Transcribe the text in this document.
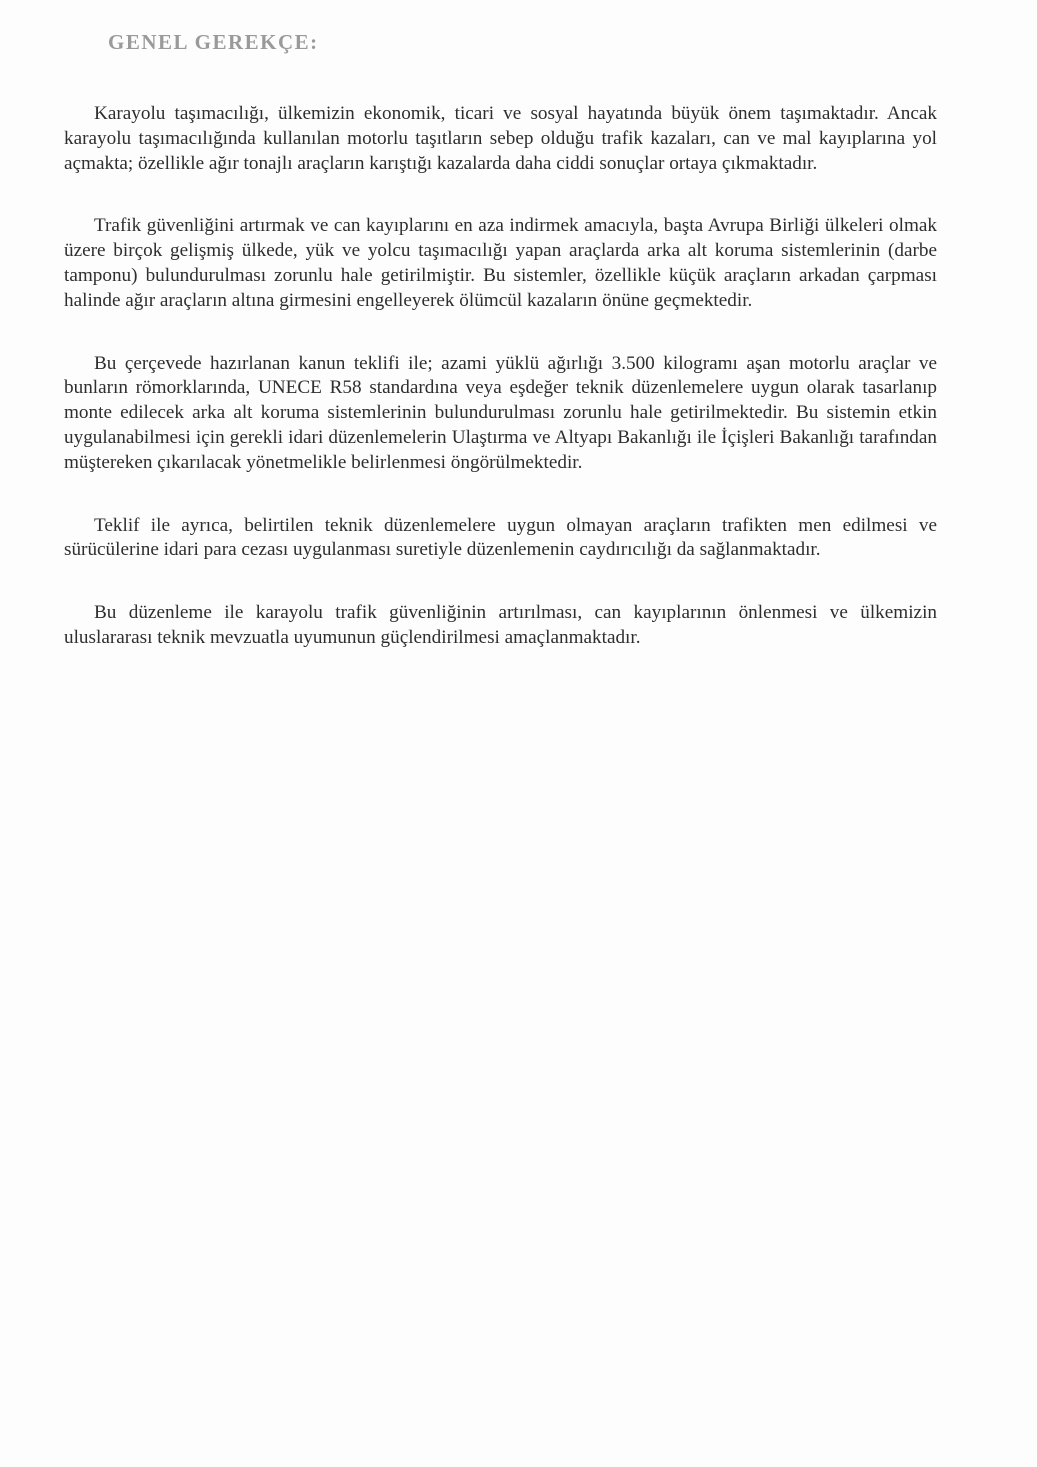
GENEL GEREKÇE:

Karayolu taşımacılığı, ülkemizin ekonomik, ticari ve sosyal hayatında büyük önem taşımaktadır. Ancak karayolu taşımacılığında kullanılan motorlu taşıtların sebep olduğu trafik kazaları, can ve mal kayıplarına yol açmakta; özellikle ağır tonajlı araçların karıştığı kazalarda daha ciddi sonuçlar ortaya çıkmaktadır.

Trafik güvenliğini artırmak ve can kayıplarını en aza indirmek amacıyla, başta Avrupa Birliği ülkeleri olmak üzere birçok gelişmiş ülkede, yük ve yolcu taşımacılığı yapan araçlarda arka alt koruma sistemlerinin (darbe tamponu) bulundurulması zorunlu hale getirilmiştir. Bu sistemler, özellikle küçük araçların arkadan çarpması halinde ağır araçların altına girmesini engelleyerek ölümcül kazaların önüne geçmektedir.

Bu çerçevede hazırlanan kanun teklifi ile; azami yüklü ağırlığı 3.500 kilogramı aşan motorlu araçlar ve bunların römorklarında, UNECE R58 standardına veya eşdeğer teknik düzenlemelere uygun olarak tasarlanıp monte edilecek arka alt koruma sistemlerinin bulundurulması zorunlu hale getirilmektedir. Bu sistemin etkin uygulanabilmesi için gerekli idari düzenlemelerin Ulaştırma ve Altyapı Bakanlığı ile İçişleri Bakanlığı tarafından müştereken çıkarılacak yönetmelikle belirlenmesi öngörülmektedir.

Teklif ile ayrıca, belirtilen teknik düzenlemelere uygun olmayan araçların trafikten men edilmesi ve sürücülerine idari para cezası uygulanması suretiyle düzenlemenin caydırıcılığı da sağlanmaktadır.

Bu düzenleme ile karayolu trafik güvenliğinin artırılması, can kayıplarının önlenmesi ve ülkemizin uluslararası teknik mevzuatla uyumunun güçlendirilmesi amaçlanmaktadır.
